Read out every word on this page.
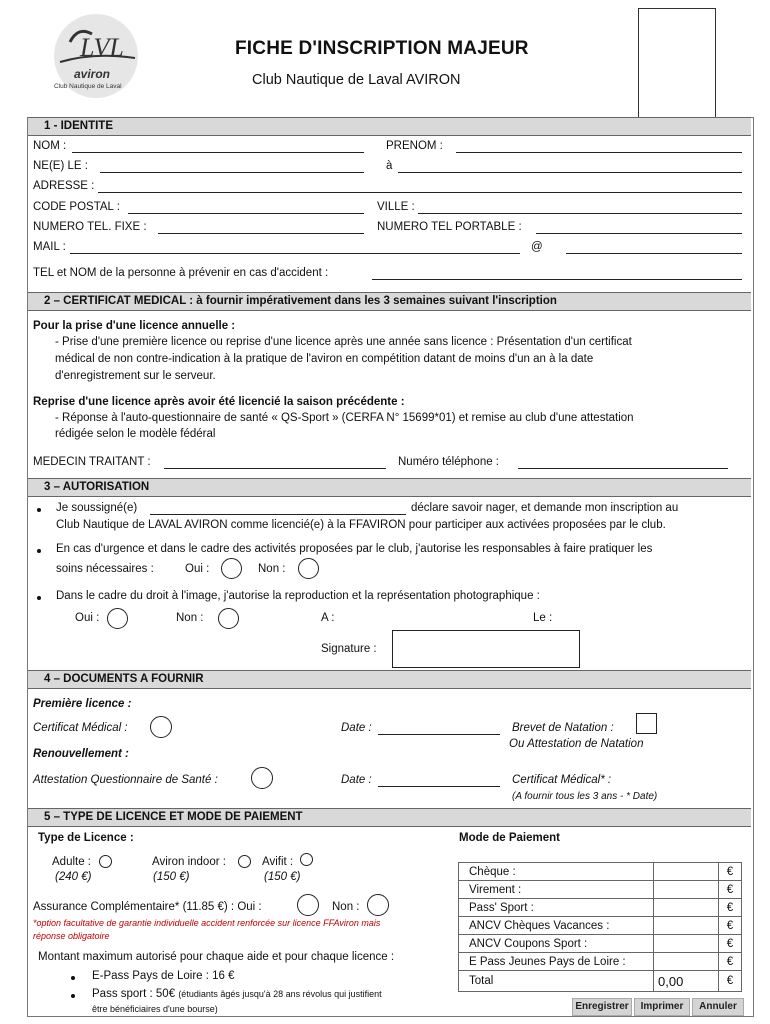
LVL
aviron
Club Nautique de Laval
FICHE D'INSCRIPTION MAJEUR
Club Nautique de Laval AVIRON
1 - IDENTITE
NOM :	PRENOM :
NE(E) LE :	à
ADRESSE :
CODE POSTAL :	VILLE :
NUMERO TEL. FIXE :	NUMERO TEL PORTABLE :
MAIL :	@
TEL et NOM de la personne à prévenir en cas d'accident :
2 – CERTIFICAT MEDICAL : à fournir impérativement dans les 3 semaines suivant l'inscription
Pour la prise d'une licence annuelle :
- Prise d'une première licence ou reprise d'une licence après une année sans licence : Présentation d'un certificat
médical de non contre-indication à la pratique de l'aviron en compétition datant de moins d'un an à la date
d'enregistrement sur le serveur.
Reprise d'une licence après avoir été licencié la saison précédente :
- Réponse à l'auto-questionnaire de santé « QS-Sport » (CERFA N° 15699*01) et remise au club d'une attestation
rédigée selon le modèle fédéral
MEDECIN TRAITANT :	Numéro téléphone :
3 – AUTORISATION
Je soussigné(e)	déclare savoir nager, et demande mon inscription au
Club Nautique de LAVAL AVIRON comme licencié(e) à la FFAVIRON pour participer aux activées proposées par le club.
En cas d'urgence et dans le cadre des activités proposées par le club, j'autorise les responsables à faire pratiquer les
soins nécessaires :	Oui :	Non :
Dans le cadre du droit à l'image, j'autorise la reproduction et la représentation photographique :
Oui :	Non :	A :	Le :
Signature :
4 – DOCUMENTS A FOURNIR
Première licence :
Certificat Médical :	Date :	Brevet de Natation :
Ou Attestation de Natation
Renouvellement :
Attestation Questionnaire de Santé :	Date :	Certificat Médical* :
(A fournir tous les 3 ans - * Date)
5 – TYPE DE LICENCE ET MODE DE PAIEMENT
Type de Licence :	Mode de Paiement
Adulte :
(240 €)
Aviron indoor :
(150 €)
Avifit :
(150 €)
Assurance Complémentaire* (11.85 €) : Oui :	Non :
*option facultative de garantie individuelle accident renforcée sur licence FFAviron mais
réponse obligatoire
Montant maximum autorisé pour chaque aide et pour chaque licence :
E-Pass Pays de Loire : 16 €
Pass sport : 50€ (étudiants âgés jusqu'à 28 ans révolus qui justifient
être bénéficiaires d'une bourse)
Chèque :		€
Virement :		€
Pass' Sport :		€
ANCV Chèques Vacances :		€
ANCV Coupons Sport :		€
E Pass Jeunes Pays de Loire :		€
Total	0,00	€
Enregistrer	Imprimer	Annuler
